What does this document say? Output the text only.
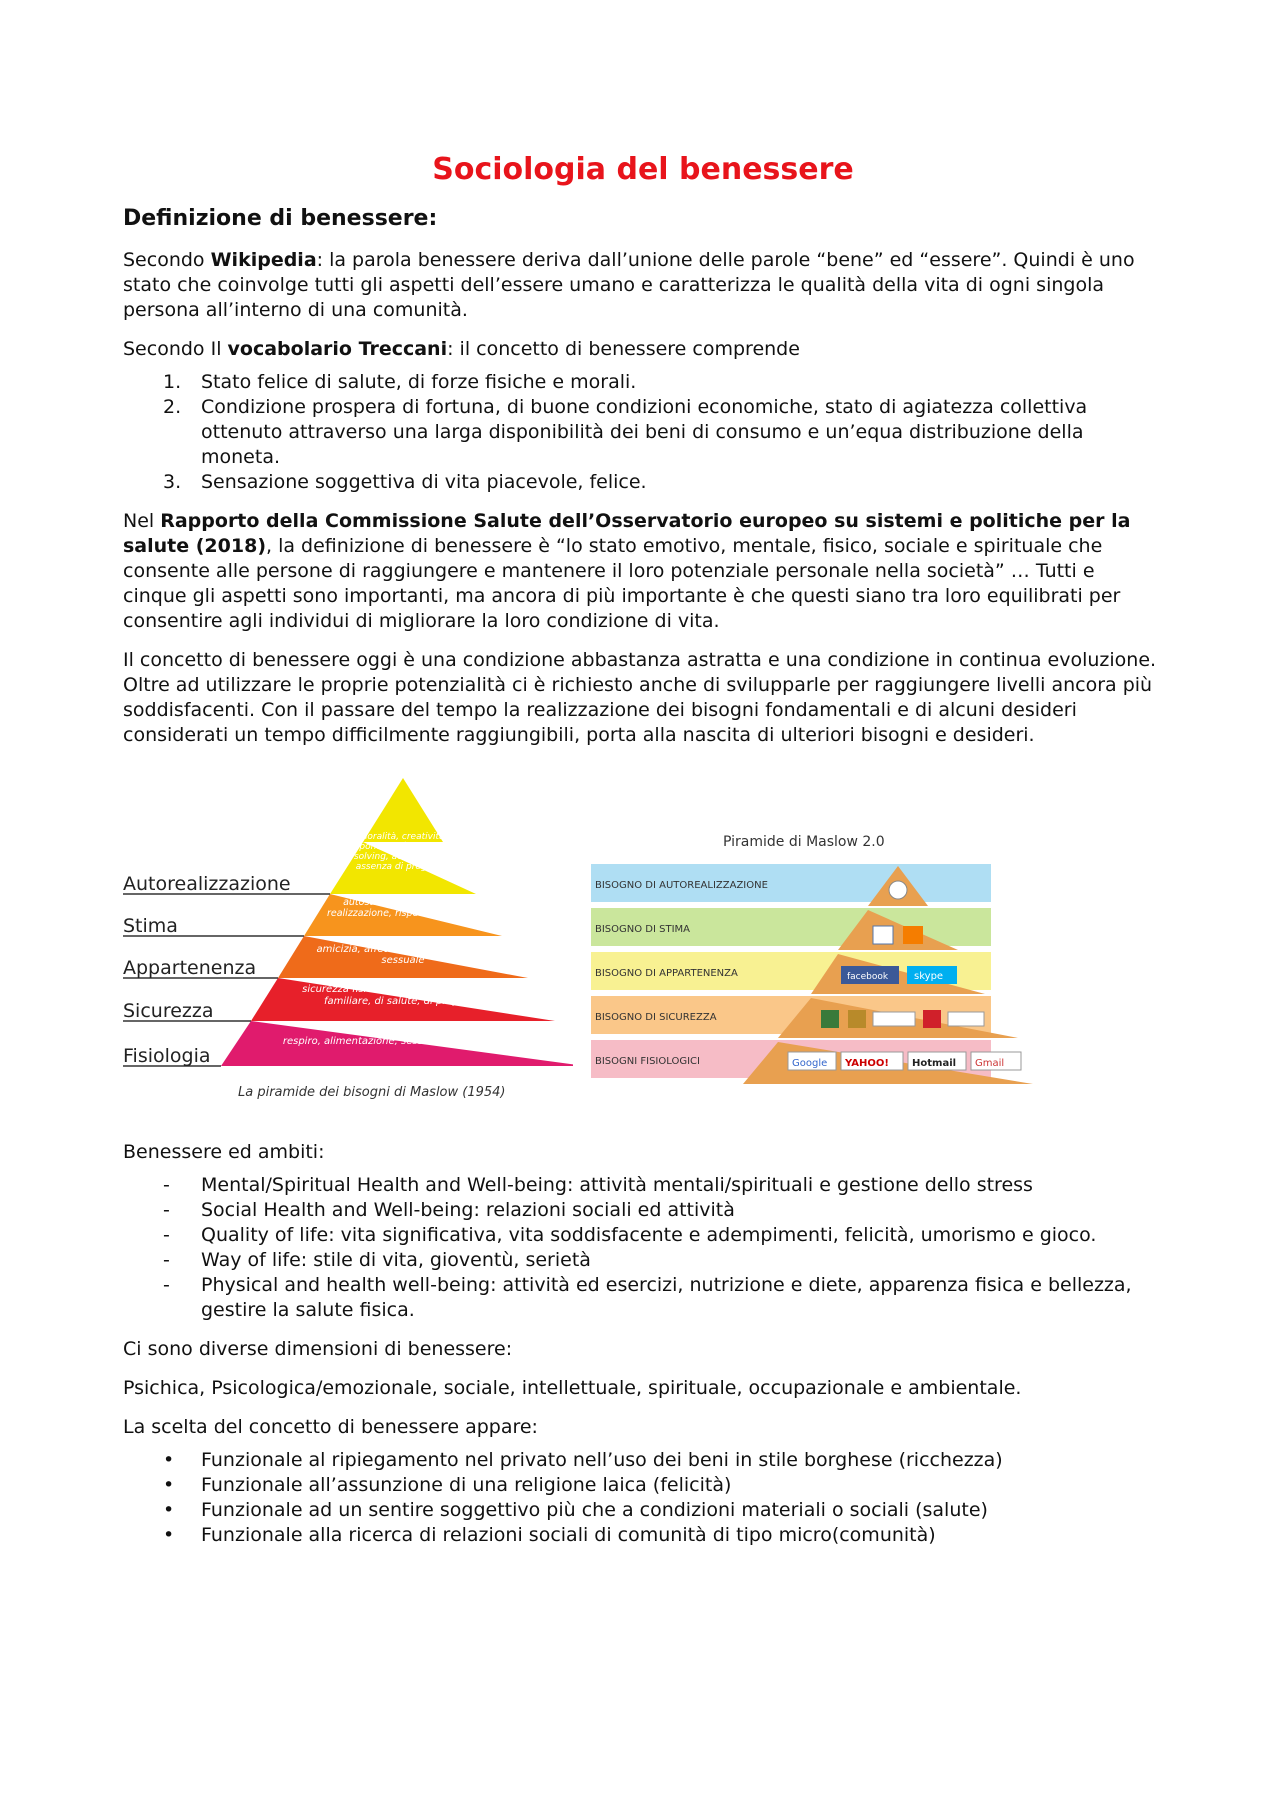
Sociologia del benessere
Definizione di benessere:

Secondo Wikipedia: la parola benessere deriva dall’unione delle parole “bene” ed “essere”. Quindi è uno stato che coinvolge tutti gli aspetti dell’essere umano e caratterizza le qualità della vita di ogni singola persona all’interno di una comunità.

Secondo Il vocabolario Treccani: il concetto di benessere comprende

1.	Stato felice di salute, di forze fisiche e morali.
2.	Condizione prospera di fortuna, di buone condizioni economiche, stato di agiatezza collettiva ottenuto attraverso una larga disponibilità dei beni di consumo e un’equa distribuzione della moneta.
3.	Sensazione soggettiva di vita piacevole, felice.

Nel Rapporto della Commissione Salute dell’Osservatorio europeo su sistemi e politiche per la salute (2018), la definizione di benessere è “lo stato emotivo, mentale, fisico, sociale e spirituale che consente alle persone di raggiungere e mantenere il loro potenziale personale nella società” … Tutti e cinque gli aspetti sono importanti, ma ancora di più importante è che questi siano tra loro equilibrati per consentire agli individui di migliorare la loro condizione di vita.

Il concetto di benessere oggi è una condizione abbastanza astratta e una condizione in continua evoluzione. Oltre ad utilizzare le proprie potenzialità ci è richiesto anche di svilupparle per raggiungere livelli ancora più soddisfacenti. Con il passare del tempo la realizzazione dei bisogni fondamentali e di alcuni desideri considerati un tempo difficilmente raggiungibili, porta alla nascita di ulteriori bisogni e desideri.

Autorealizzazione
Stima
Appartenenza
Sicurezza
Fisiologia
moralità, creatività, spontaneità, problem solving, accettazione, assenza di pregiudizi
autostima, autocontrollo, realizzazione, rispetto reciproco
amicizia, affetto familiare, intimità sessuale
sicurezza fisica, di occupazione, morale, familiare, di salute, di proprietà
respiro, alimentazione, sesso, sonno, omeostasi
La piramide dei bisogni di Maslow (1954)
Piramide di Maslow 2.0
BISOGNO DI AUTOREALIZZAZIONE
BISOGNO DI STIMA
BISOGNO DI APPARTENENZA
BISOGNO DI SICUREZZA
BISOGNI FISIOLOGICI
facebook	skype
Google YAHOO! Hotmail Gmail

Benessere ed ambiti:

-	Mental/Spiritual Health and Well-being: attività mentali/spirituali e gestione dello stress
-	Social Health and Well-being: relazioni sociali ed attività
-	Quality of life: vita significativa, vita soddisfacente e adempimenti, felicità, umorismo e gioco.
-	Way of life: stile di vita, gioventù, serietà
-	Physical and health well-being: attività ed esercizi, nutrizione e diete, apparenza fisica e bellezza, gestire la salute fisica.

Ci sono diverse dimensioni di benessere:

Psichica, Psicologica/emozionale, sociale, intellettuale, spirituale, occupazionale e ambientale.

La scelta del concetto di benessere appare:

•	Funzionale al ripiegamento nel privato nell’uso dei beni in stile borghese (ricchezza)
•	Funzionale all’assunzione di una religione laica (felicità)
•	Funzionale ad un sentire soggettivo più che a condizioni materiali o sociali (salute)
•	Funzionale alla ricerca di relazioni sociali di comunità di tipo micro(comunità)
